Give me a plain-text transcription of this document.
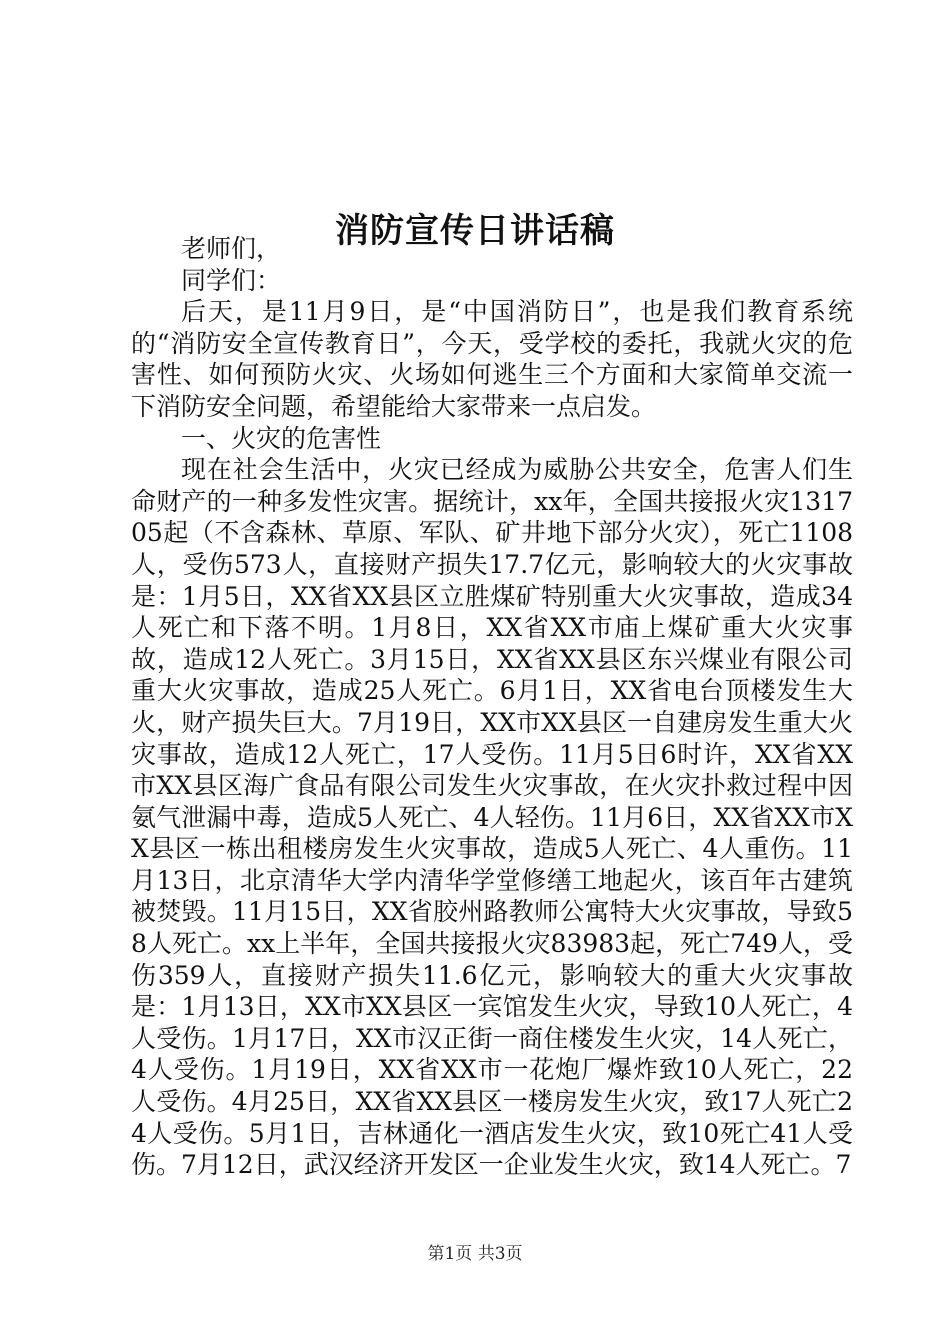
消防宣传日讲话稿

老师们，

同学们：

后天，是11月9日，是“中国消防日”，也是我们教育系统的“消防安全宣传教育日”，今天，受学校的委托，我就火灾的危害性、如何预防火灾、火场如何逃生三个方面和大家简单交流一下消防安全问题，希望能给大家带来一点启发。

一、火灾的危害性

现在社会生活中，火灾已经成为威胁公共安全，危害人们生命财产的一种多发性灾害。据统计，xx年，全国共接报火灾131705起（不含森林、草原、军队、矿井地下部分火灾），死亡1108人，受伤573人，直接财产损失17.7亿元，影响较大的火灾事故是：1月5日，XX省XX县区立胜煤矿特别重大火灾事故，造成34人死亡和下落不明。1月8日，XX省XX市庙上煤矿重大火灾事故，造成12人死亡。3月15日，XX省XX县区东兴煤业有限公司重大火灾事故，造成25人死亡。6月1日，XX省电台顶楼发生大火，财产损失巨大。7月19日，XX市XX县区一自建房发生重大火灾事故，造成12人死亡，17人受伤。11月5日6时许，XX省XX市XX县区海广食品有限公司发生火灾事故，在火灾扑救过程中因氨气泄漏中毒，造成5人死亡、4人轻伤。11月6日，XX省XX市XX县区一栋出租楼房发生火灾事故，造成5人死亡、4人重伤。11月13日，北京清华大学内清华学堂修缮工地起火，该百年古建筑被焚毁。11月15日，XX省胶州路教师公寓特大火灾事故，导致58人死亡。xx上半年，全国共接报火灾83983起，死亡749人，受伤359人，直接财产损失11.6亿元，影响较大的重大火灾事故是：1月13日，XX市XX县区一宾馆发生火灾，导致10人死亡，4人受伤。1月17日，XX市汉正街一商住楼发生火灾，14人死亡，4人受伤。1月19日，XX省XX市一花炮厂爆炸致10人死亡，22人受伤。4月25日，XX省XX县区一楼房发生火灾，致17人死亡24人受伤。5月1日，吉林通化一酒店发生火灾，致10死亡41人受伤。7月12日，武汉经济开发区一企业发生火灾，致14人死亡。7

第1页 共3页
